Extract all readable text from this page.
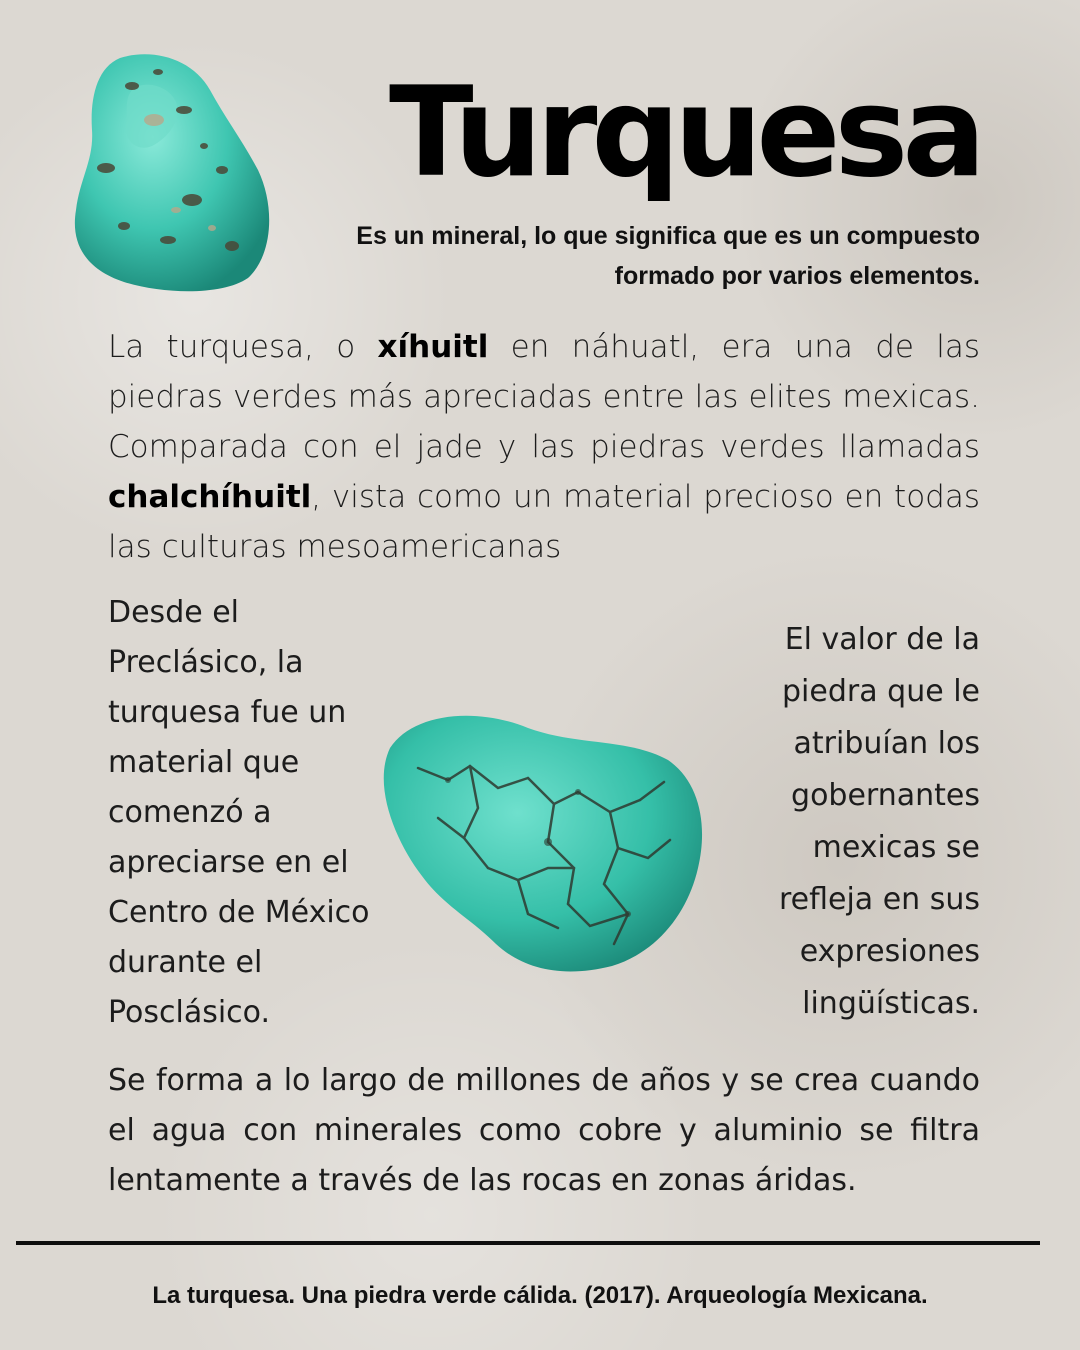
Turquesa

Es un mineral, lo que significa que es un compuesto formado por varios elementos.

La turquesa, o xíhuitl en náhuatl, era una de las piedras verdes más apreciadas entre las elites mexicas. Comparada con el jade y las piedras verdes llamadas chalchíhuitl, vista como un material precioso en todas las culturas mesoamericanas

Desde el Preclásico, la turquesa fue un material que comenzó a apreciarse en el Centro de México durante el Posclásico.

El valor de la piedra que le atribuían los gobernantes mexicas se refleja en sus expresiones lingüísticas.

Se forma a lo largo de millones de años y se crea cuando el agua con minerales como cobre y aluminio se filtra lentamente a través de las rocas en zonas áridas.

La turquesa. Una piedra verde cálida. (2017). Arqueología Mexicana.
